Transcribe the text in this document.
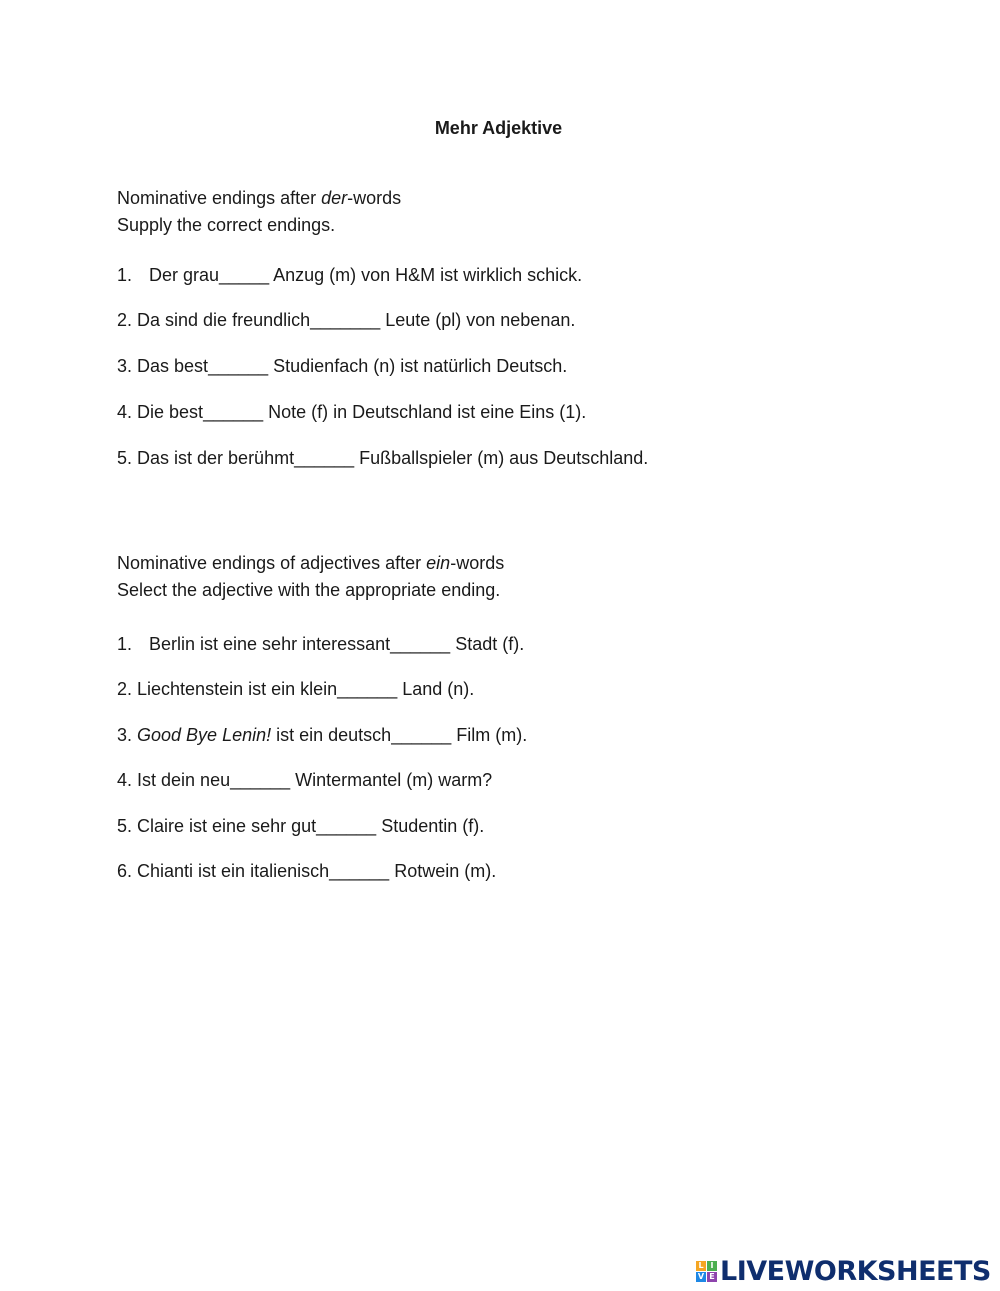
Mehr Adjektive
Nominative endings after der-words
Supply the correct endings.
1. Der grau_____ Anzug (m) von H&M ist wirklich schick.
2. Da sind die freundlich_______ Leute (pl) von nebenan.
3. Das best______ Studienfach (n) ist natürlich Deutsch.
4. Die best______ Note (f) in Deutschland ist eine Eins (1).
5. Das ist der berühmt______ Fußballspieler (m) aus Deutschland.
Nominative endings of adjectives after ein-words
Select the adjective with the appropriate ending.
1. Berlin ist eine sehr interessant______ Stadt (f).
2. Liechtenstein ist ein klein______ Land (n).
3. Good Bye Lenin! ist ein deutsch______ Film (m).
4. Ist dein neu______ Wintermantel (m) warm?
5. Claire ist eine sehr gut______ Studentin (f).
6. Chianti ist ein italienisch______ Rotwein (m).
L I
V E LIVEWORKSHEETS
